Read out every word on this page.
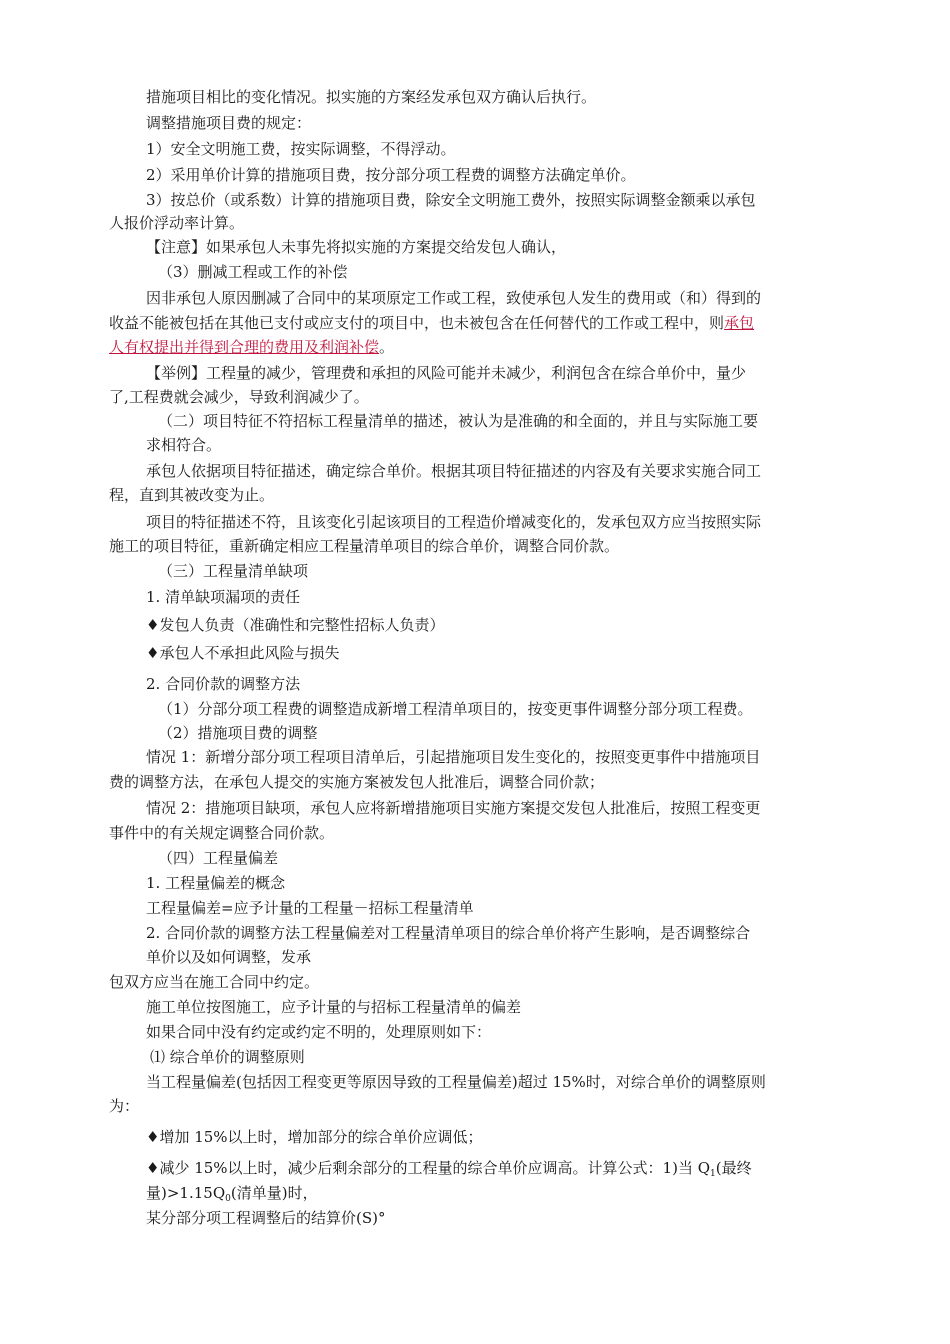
措施项目相比的变化情况。拟实施的方案经发承包双方确认后执行。
调整措施项目费的规定：
1）安全文明施工费，按实际调整，不得浮动。
2）采用单价计算的措施项目费，按分部分项工程费的调整方法确定单价。
3）按总价（或系数）计算的措施项目费，除安全文明施工费外，按照实际调整金额乘以承包
人报价浮动率计算。
【注意】如果承包人未事先将拟实施的方案提交给发包人确认，
（3）删减工程或工作的补偿
因非承包人原因删减了合同中的某项原定工作或工程，致使承包人发生的费用或（和）得到的
收益不能被包括在其他已支付或应支付的项目中，也未被包含在任何替代的工作或工程中，则承包
人有权提出并得到合理的费用及利润补偿。
【举例】工程量的减少，管理费和承担的风险可能并未减少，利润包含在综合单价中，量少
了,工程费就会减少，导致利润减少了。
（二）项目特征不符招标工程量清单的描述，被认为是准确的和全面的，并且与实际施工要
求相符合。
承包人依据项目特征描述，确定综合单价。根据其项目特征描述的内容及有关要求实施合同工
程，直到其被改变为止。
项目的特征描述不符，且该变化引起该项目的工程造价增减变化的，发承包双方应当按照实际
施工的项目特征，重新确定相应工程量清单项目的综合单价，调整合同价款。
（三）工程量清单缺项
1. 清单缺项漏项的责任
♦发包人负责（准确性和完整性招标人负责）
♦承包人不承担此风险与损失
2. 合同价款的调整方法
（1）分部分项工程费的调整造成新增工程清单项目的，按变更事件调整分部分项工程费。
（2）措施项目费的调整
情况 1：新增分部分项工程项目清单后，引起措施项目发生变化的，按照变更事件中措施项目
费的调整方法，在承包人提交的实施方案被发包人批准后，调整合同价款；
情况 2：措施项目缺项，承包人应将新增措施项目实施方案提交发包人批准后，按照工程变更
事件中的有关规定调整合同价款。
（四）工程量偏差
1. 工程量偏差的概念
工程量偏差=应予计量的工程量－招标工程量清单
2. 合同价款的调整方法工程量偏差对工程量清单项目的综合单价将产生影响，是否调整综合
单价以及如何调整，发承
包双方应当在施工合同中约定。
施工单位按图施工，应予计量的与招标工程量清单的偏差
如果合同中没有约定或约定不明的，处理原则如下：
⑴ 综合单价的调整原则
当工程量偏差(包括因工程变更等原因导致的工程量偏差)超过 15%时，对综合单价的调整原则
为：
♦增加 15%以上时，增加部分的综合单价应调低；
♦减少 15%以上时，减少后剩余部分的工程量的综合单价应调高。计算公式：1)当 $Q_1$(最终
量)$>1.15Q_0$(清单量)时，
某分部分项工程调整后的结算价(S)°
